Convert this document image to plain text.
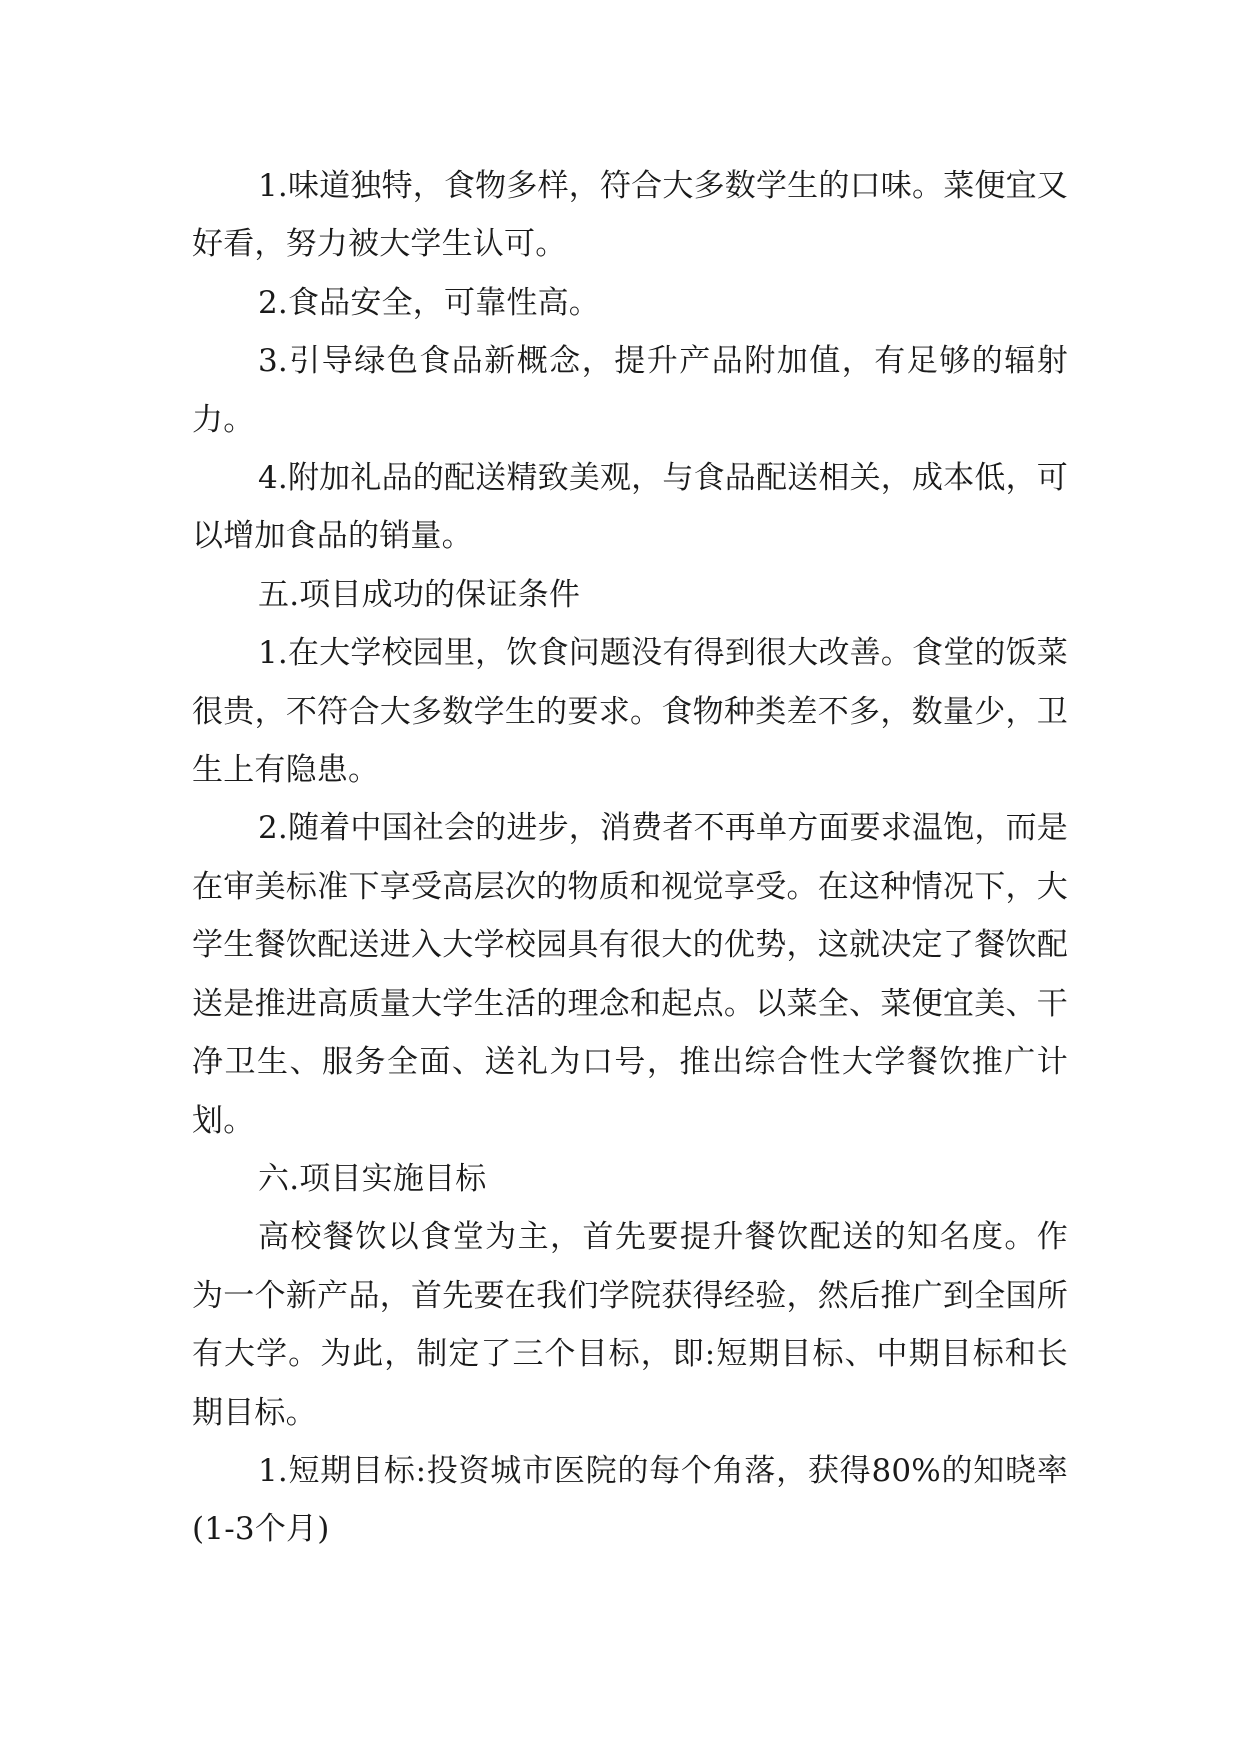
1.味道独特，食物多样，符合大多数学生的口味。菜便宜又好看，努力被大学生认可。

2.食品安全，可靠性高。

3.引导绿色食品新概念，提升产品附加值，有足够的辐射力。

4.附加礼品的配送精致美观，与食品配送相关，成本低，可以增加食品的销量。

五.项目成功的保证条件

1.在大学校园里，饮食问题没有得到很大改善。食堂的饭菜很贵，不符合大多数学生的要求。食物种类差不多，数量少，卫生上有隐患。

2.随着中国社会的进步，消费者不再单方面要求温饱，而是在审美标准下享受高层次的物质和视觉享受。在这种情况下，大学生餐饮配送进入大学校园具有很大的优势，这就决定了餐饮配送是推进高质量大学生活的理念和起点。以菜全、菜便宜美、干净卫生、服务全面、送礼为口号，推出综合性大学餐饮推广计划。

六.项目实施目标

高校餐饮以食堂为主，首先要提升餐饮配送的知名度。作为一个新产品，首先要在我们学院获得经验，然后推广到全国所有大学。为此，制定了三个目标，即:短期目标、中期目标和长期目标。

1.短期目标:投资城市医院的每个角落，获得80%的知晓率(1-3个月)
